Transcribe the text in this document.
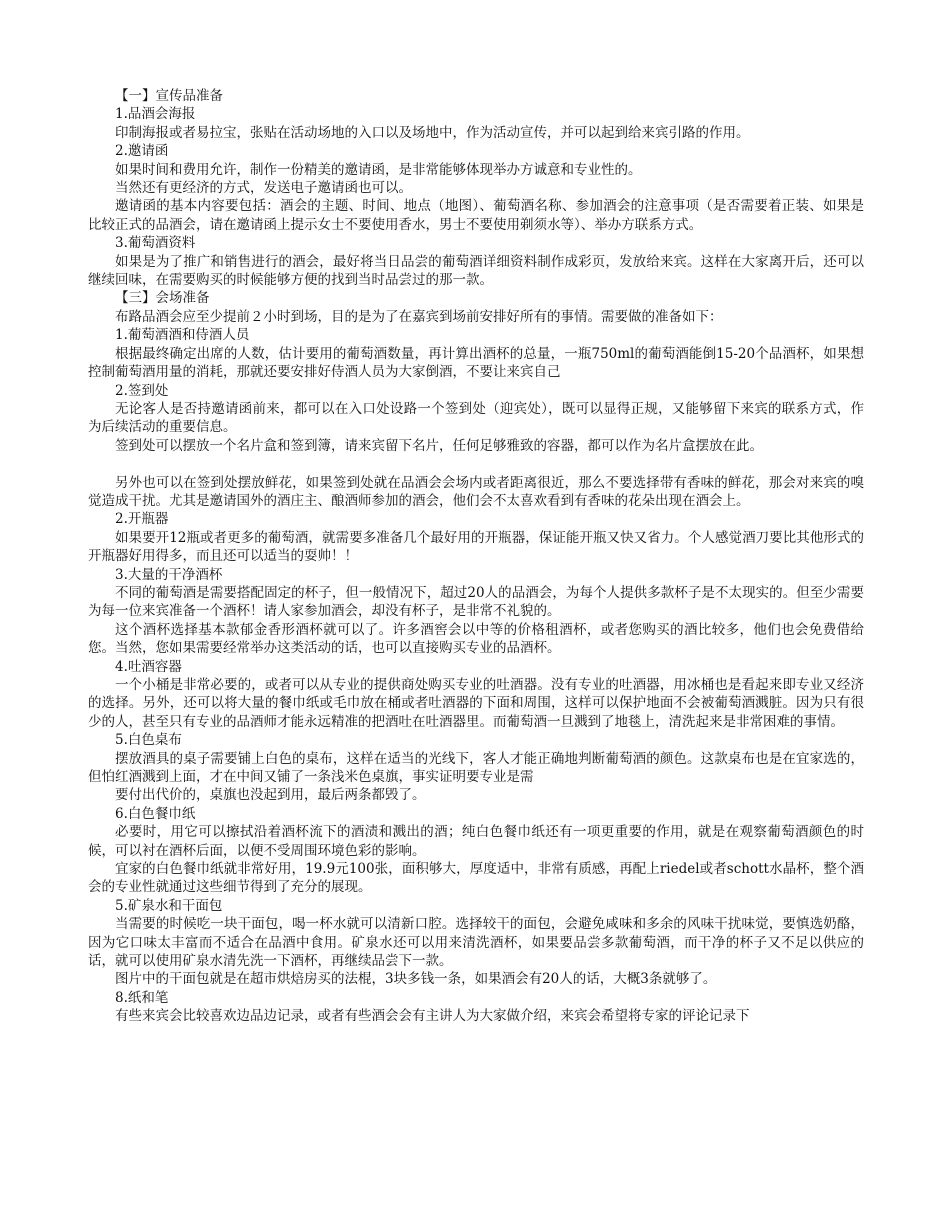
【一】宣传品准备

1.品酒会海报

印制海报或者易拉宝，张贴在活动场地的入口以及场地中，作为活动宣传，并可以起到给来宾引路的作用。

2.邀请函

如果时间和费用允许，制作一份精美的邀请函，是非常能够体现举办方诚意和专业性的。

当然还有更经济的方式，发送电子邀请函也可以。

邀请函的基本内容要包括：酒会的主题、时间、地点（地图）、葡萄酒名称、参加酒会的注意事项（是否需要着正装、如果是比较正式的品酒会，请在邀请函上提示女士不要使用香水，男士不要使用剃须水等）、举办方联系方式。

3.葡萄酒资料

如果是为了推广和销售进行的酒会，最好将当日品尝的葡萄酒详细资料制作成彩页，发放给来宾。这样在大家离开后，还可以继续回味，在需要购买的时候能够方便的找到当时品尝过的那一款。

【三】会场准备

布路品酒会应至少提前２小时到场，目的是为了在嘉宾到场前安排好所有的事情。需要做的准备如下：

1.葡萄酒酒和侍酒人员

根据最终确定出席的人数，估计要用的葡萄酒数量，再计算出酒杯的总量，一瓶750ml的葡萄酒能倒15-20个品酒杯，如果想控制葡萄酒用量的消耗，那就还要安排好侍酒人员为大家倒酒，不要让来宾自己

2.签到处

无论客人是否持邀请函前来，都可以在入口处设路一个签到处（迎宾处），既可以显得正规，又能够留下来宾的联系方式，作为后续活动的重要信息。

签到处可以摆放一个名片盒和签到簿，请来宾留下名片，任何足够雅致的容器，都可以作为名片盒摆放在此。

另外也可以在签到处摆放鲜花，如果签到处就在品酒会会场内或者距离很近，那么不要选择带有香味的鲜花，那会对来宾的嗅觉造成干扰。尤其是邀请国外的酒庄主、酿酒师参加的酒会，他们会不太喜欢看到有香味的花朵出现在酒会上。

2.开瓶器

如果要开12瓶或者更多的葡萄酒，就需要多准备几个最好用的开瓶器，保证能开瓶又快又省力。个人感觉酒刀要比其他形式的开瓶器好用得多，而且还可以适当的耍帅！！

3.大量的干净酒杯

不同的葡萄酒是需要搭配固定的杯子，但一般情况下，超过20人的品酒会，为每个人提供多款杯子是不太现实的。但至少需要为每一位来宾准备一个酒杯！请人家参加酒会，却没有杯子，是非常不礼貌的。

这个酒杯选择基本款郁金香形酒杯就可以了。许多酒窖会以中等的价格租酒杯，或者您购买的酒比较多，他们也会免费借给您。当然，您如果需要经常举办这类活动的话，也可以直接购买专业的品酒杯。

4.吐酒容器

一个小桶是非常必要的，或者可以从专业的提供商处购买专业的吐酒器。没有专业的吐酒器，用冰桶也是看起来即专业又经济的选择。另外，还可以将大量的餐巾纸或毛巾放在桶或者吐酒器的下面和周围，这样可以保护地面不会被葡萄酒溅脏。因为只有很少的人，甚至只有专业的品酒师才能永远精准的把酒吐在吐酒器里。而葡萄酒一旦溅到了地毯上，清洗起来是非常困难的事情。

5.白色桌布

摆放酒具的桌子需要铺上白色的桌布，这样在适当的光线下，客人才能正确地判断葡萄酒的颜色。这款桌布也是在宜家选的，但怕红酒溅到上面，才在中间又铺了一条浅米色桌旗，事实证明要专业是需

要付出代价的，桌旗也没起到用，最后两条都毁了。

6.白色餐巾纸

必要时，用它可以擦拭沿着酒杯流下的酒渍和溅出的酒；纯白色餐巾纸还有一项更重要的作用，就是在观察葡萄酒颜色的时候，可以衬在酒杯后面，以便不受周围环境色彩的影响。

宜家的白色餐巾纸就非常好用，19.9元100张，面积够大，厚度适中，非常有质感，再配上riedel或者schott水晶杯，整个酒会的专业性就通过这些细节得到了充分的展现。

5.矿泉水和干面包

当需要的时候吃一块干面包，喝一杯水就可以清新口腔。选择较干的面包，会避免咸味和多余的风味干扰味觉，要慎选奶酪，因为它口味太丰富而不适合在品酒中食用。矿泉水还可以用来清洗酒杯，如果要品尝多款葡萄酒，而干净的杯子又不足以供应的话，就可以使用矿泉水清先洗一下酒杯，再继续品尝下一款。

图片中的干面包就是在超市烘焙房买的法棍，3块多钱一条，如果酒会有20人的话，大概3条就够了。

8.纸和笔

有些来宾会比较喜欢边品边记录，或者有些酒会会有主讲人为大家做介绍，来宾会希望将专家的评论记录下
